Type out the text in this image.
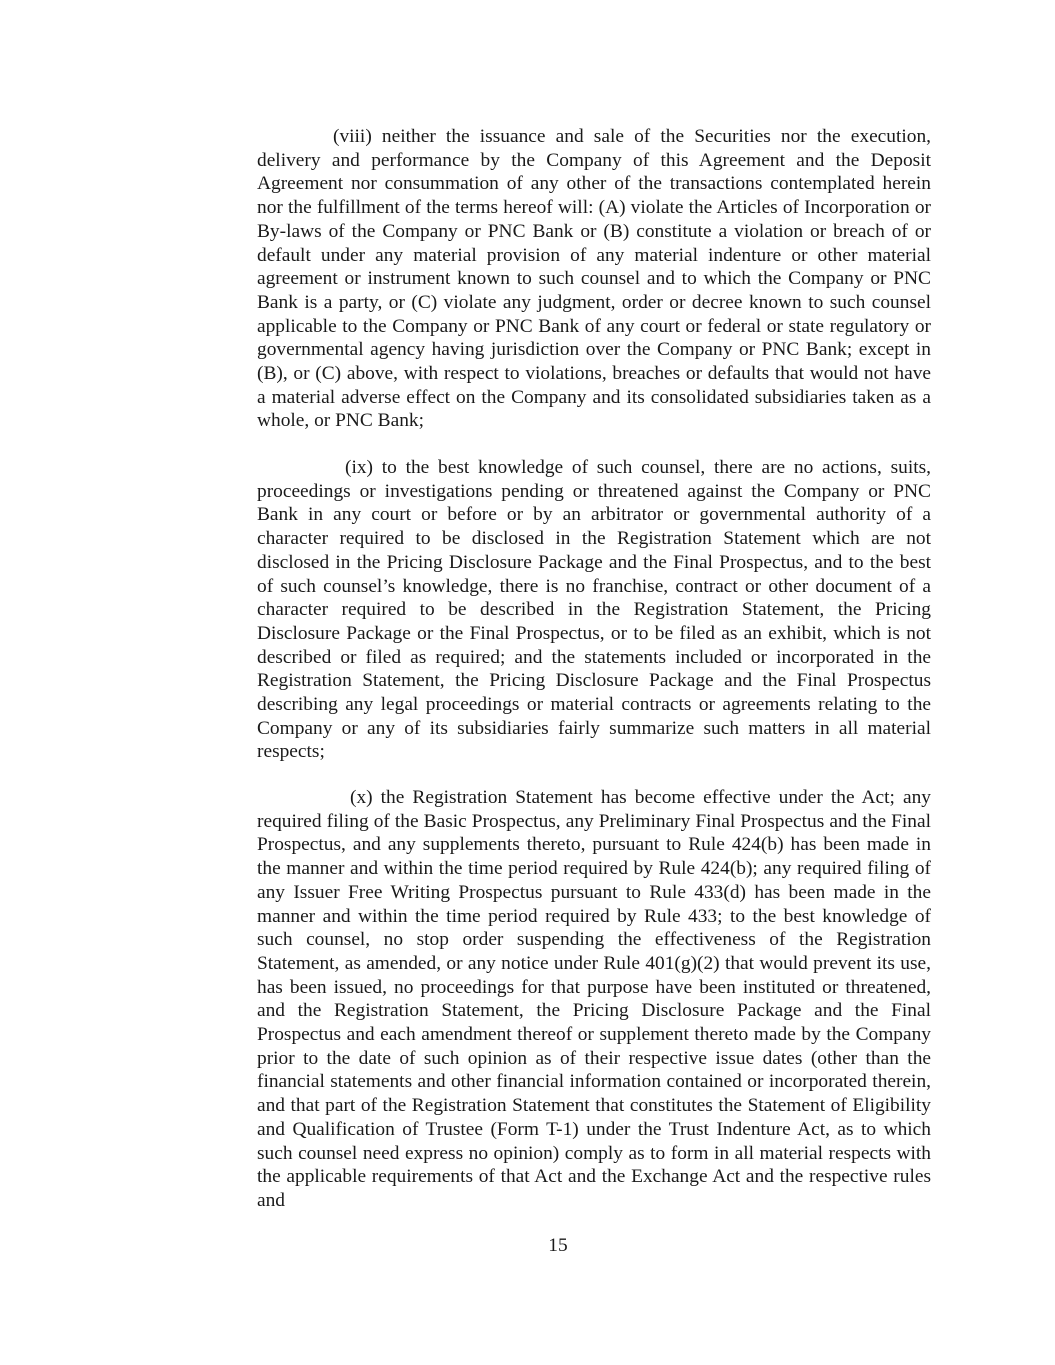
(viii) neither the issuance and sale of the Securities nor the execution, delivery and performance by the Company of this Agreement and the Deposit Agreement nor consummation of any other of the transactions contemplated herein nor the fulfillment of the terms hereof will: (A) violate the Articles of Incorporation or By-laws of the Company or PNC Bank or (B) constitute a violation or breach of or default under any material provision of any material indenture or other material agreement or instrument known to such counsel and to which the Company or PNC Bank is a party, or (C) violate any judgment, order or decree known to such counsel applicable to the Company or PNC Bank of any court or federal or state regulatory or governmental agency having jurisdiction over the Company or PNC Bank; except in (B), or (C) above, with respect to violations, breaches or defaults that would not have a material adverse effect on the Company and its consolidated subsidiaries taken as a whole, or PNC Bank;

(ix) to the best knowledge of such counsel, there are no actions, suits, proceedings or investigations pending or threatened against the Company or PNC Bank in any court or before or by an arbitrator or governmental authority of a character required to be disclosed in the Registration Statement which are not disclosed in the Pricing Disclosure Package and the Final Prospectus, and to the best of such counsel’s knowledge, there is no franchise, contract or other document of a character required to be described in the Registration Statement, the Pricing Disclosure Package or the Final Prospectus, or to be filed as an exhibit, which is not described or filed as required; and the statements included or incorporated in the Registration Statement, the Pricing Disclosure Package and the Final Prospectus describing any legal proceedings or material contracts or agreements relating to the Company or any of its subsidiaries fairly summarize such matters in all material respects;

(x) the Registration Statement has become effective under the Act; any required filing of the Basic Prospectus, any Preliminary Final Prospectus and the Final Prospectus, and any supplements thereto, pursuant to Rule 424(b) has been made in the manner and within the time period required by Rule 424(b); any required filing of any Issuer Free Writing Prospectus pursuant to Rule 433(d) has been made in the manner and within the time period required by Rule 433; to the best knowledge of such counsel, no stop order suspending the effectiveness of the Registration Statement, as amended, or any notice under Rule 401(g)(2) that would prevent its use, has been issued, no proceedings for that purpose have been instituted or threatened, and the Registration Statement, the Pricing Disclosure Package and the Final Prospectus and each amendment thereof or supplement thereto made by the Company prior to the date of such opinion as of their respective issue dates (other than the financial statements and other financial information contained or incorporated therein, and that part of the Registration Statement that constitutes the Statement of Eligibility and Qualification of Trustee (Form T-1) under the Trust Indenture Act, as to which such counsel need express no opinion) comply as to form in all material respects with the applicable requirements of that Act and the Exchange Act and the respective rules and

15
